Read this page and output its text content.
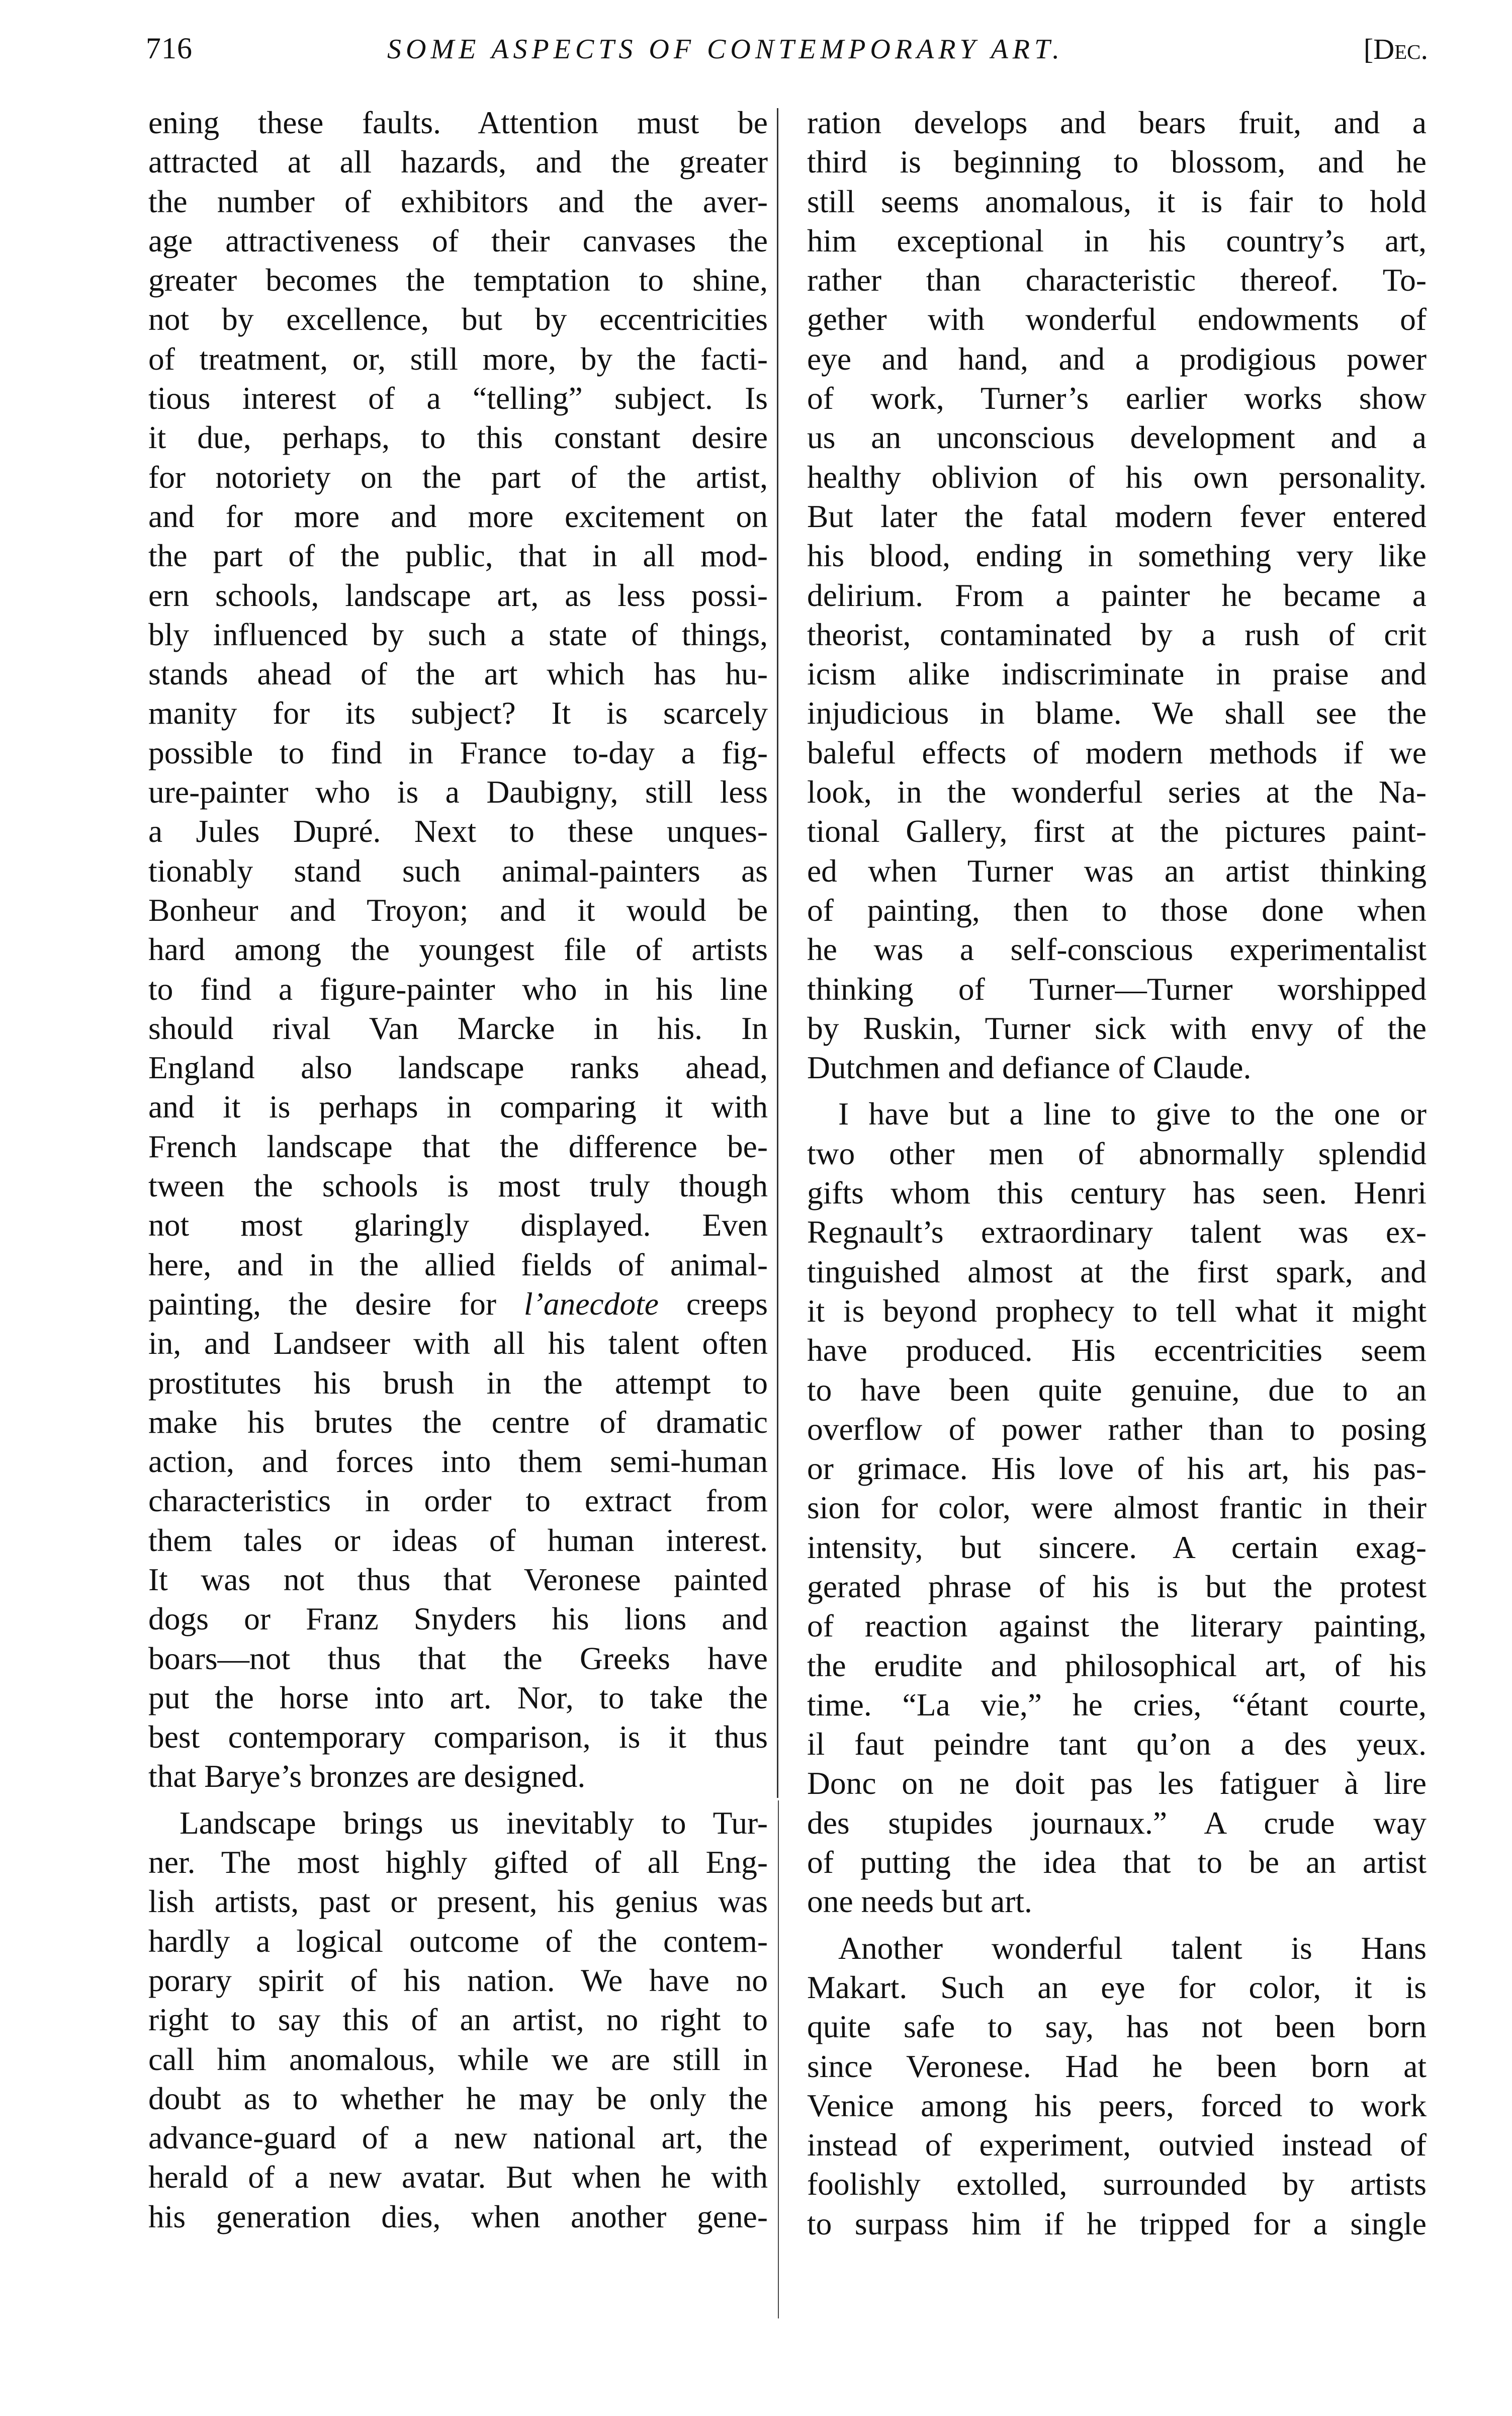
716	SOME ASPECTS OF CONTEMPORARY ART.	[Dec.
ening these faults. Attention must be
attracted at all hazards, and the greater
the number of exhibitors and the aver-
age attractiveness of their canvases the
greater becomes the temptation to shine,
not by excellence, but by eccentricities
of treatment, or, still more, by the facti-
tious interest of a “telling” subject. Is
it due, perhaps, to this constant desire
for notoriety on the part of the artist,
and for more and more excitement on
the part of the public, that in all mod-
ern schools, landscape art, as less possi-
bly influenced by such a state of things,
stands ahead of the art which has hu-
manity for its subject? It is scarcely
possible to find in France to-day a fig-
ure-painter who is a Daubigny, still less
a Jules Dupré. Next to these unques-
tionably stand such animal-painters as
Bonheur and Troyon; and it would be
hard among the youngest file of artists
to find a figure-painter who in his line
should rival Van Marcke in his. In
England also landscape ranks ahead,
and it is perhaps in comparing it with
French landscape that the difference be-
tween the schools is most truly though
not most glaringly displayed. Even
here, and in the allied fields of animal-
painting, the desire for l’anecdote creeps
in, and Landseer with all his talent often
prostitutes his brush in the attempt to
make his brutes the centre of dramatic
action, and forces into them semi-human
characteristics in order to extract from
them tales or ideas of human interest.
It was not thus that Veronese painted
dogs or Franz Snyders his lions and
boars—not thus that the Greeks have
put the horse into art. Nor, to take the
best contemporary comparison, is it thus
that Barye’s bronzes are designed.
Landscape brings us inevitably to Tur-
ner. The most highly gifted of all Eng-
lish artists, past or present, his genius was
hardly a logical outcome of the contem-
porary spirit of his nation. We have no
right to say this of an artist, no right to
call him anomalous, while we are still in
doubt as to whether he may be only the
advance-guard of a new national art, the
herald of a new avatar. But when he with
his generation dies, when another gene-
ration develops and bears fruit, and a
third is beginning to blossom, and he
still seems anomalous, it is fair to hold
him exceptional in his country’s art,
rather than characteristic thereof. To-
gether with wonderful endowments of
eye and hand, and a prodigious power
of work, Turner’s earlier works show
us an unconscious development and a
healthy oblivion of his own personality.
But later the fatal modern fever entered
his blood, ending in something very like
delirium. From a painter he became a
theorist, contaminated by a rush of crit
icism alike indiscriminate in praise and
injudicious in blame. We shall see the
baleful effects of modern methods if we
look, in the wonderful series at the Na-
tional Gallery, first at the pictures paint-
ed when Turner was an artist thinking
of painting, then to those done when
he was a self-conscious experimentalist
thinking of Turner—Turner worshipped
by Ruskin, Turner sick with envy of the
Dutchmen and defiance of Claude.
I have but a line to give to the one or
two other men of abnormally splendid
gifts whom this century has seen. Henri
Regnault’s extraordinary talent was ex-
tinguished almost at the first spark, and
it is beyond prophecy to tell what it might
have produced. His eccentricities seem
to have been quite genuine, due to an
overflow of power rather than to posing
or grimace. His love of his art, his pas-
sion for color, were almost frantic in their
intensity, but sincere. A certain exag-
gerated phrase of his is but the protest
of reaction against the literary painting,
the erudite and philosophical art, of his
time. “La vie,” he cries, “étant courte,
il faut peindre tant qu’on a des yeux.
Donc on ne doit pas les fatiguer à lire
des stupides journaux.” A crude way
of putting the idea that to be an artist
one needs but art.
Another wonderful talent is Hans
Makart. Such an eye for color, it is
quite safe to say, has not been born
since Veronese. Had he been born at
Venice among his peers, forced to work
instead of experiment, outvied instead of
foolishly extolled, surrounded by artists
to surpass him if he tripped for a single
